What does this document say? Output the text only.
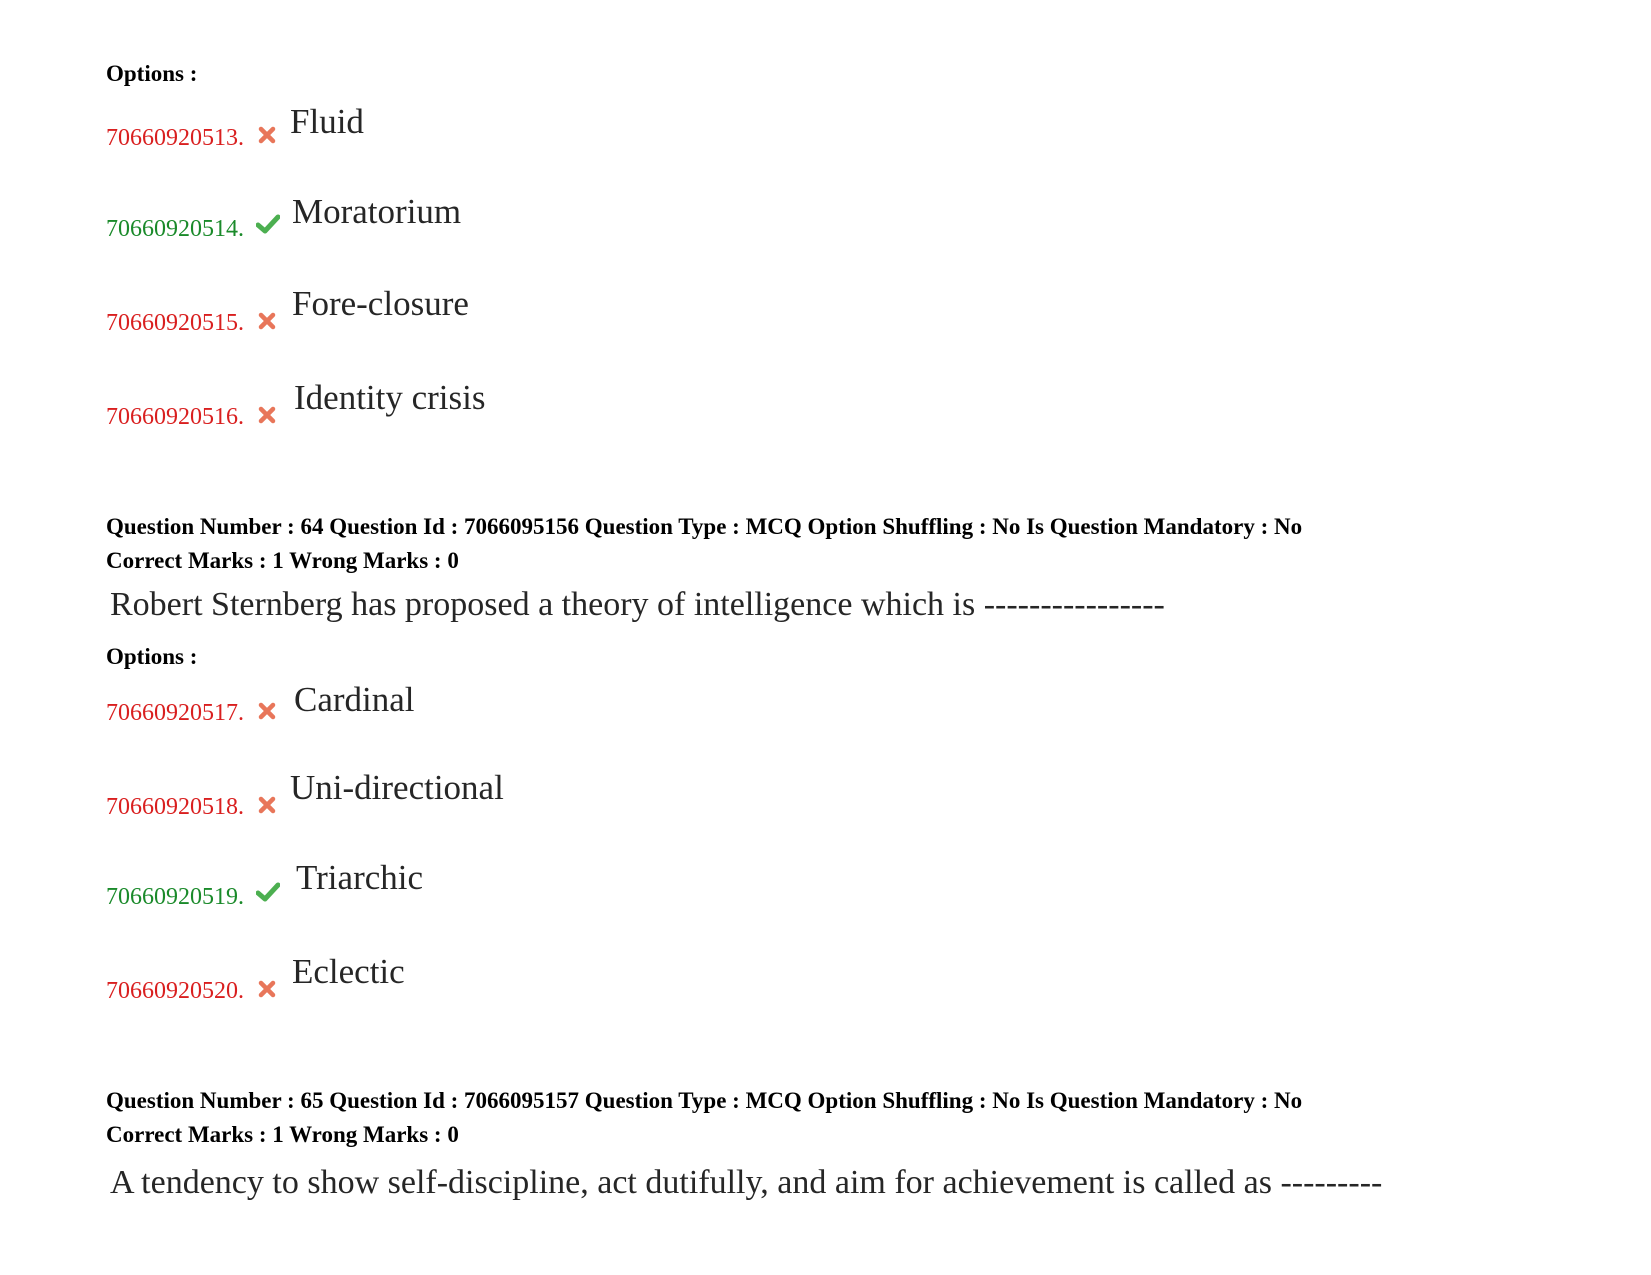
Options :
70660920513. Fluid
70660920514. Moratorium
70660920515. Fore-closure
70660920516. Identity crisis
Question Number : 64 Question Id : 7066095156 Question Type : MCQ Option Shuffling : No Is Question Mandatory : No
Correct Marks : 1 Wrong Marks : 0
Robert Sternberg has proposed a theory of intelligence which is ----------------
Options :
70660920517. Cardinal
70660920518. Uni-directional
70660920519. Triarchic
70660920520. Eclectic
Question Number : 65 Question Id : 7066095157 Question Type : MCQ Option Shuffling : No Is Question Mandatory : No
Correct Marks : 1 Wrong Marks : 0
A tendency to show self-discipline, act dutifully, and aim for achievement is called as ---------
